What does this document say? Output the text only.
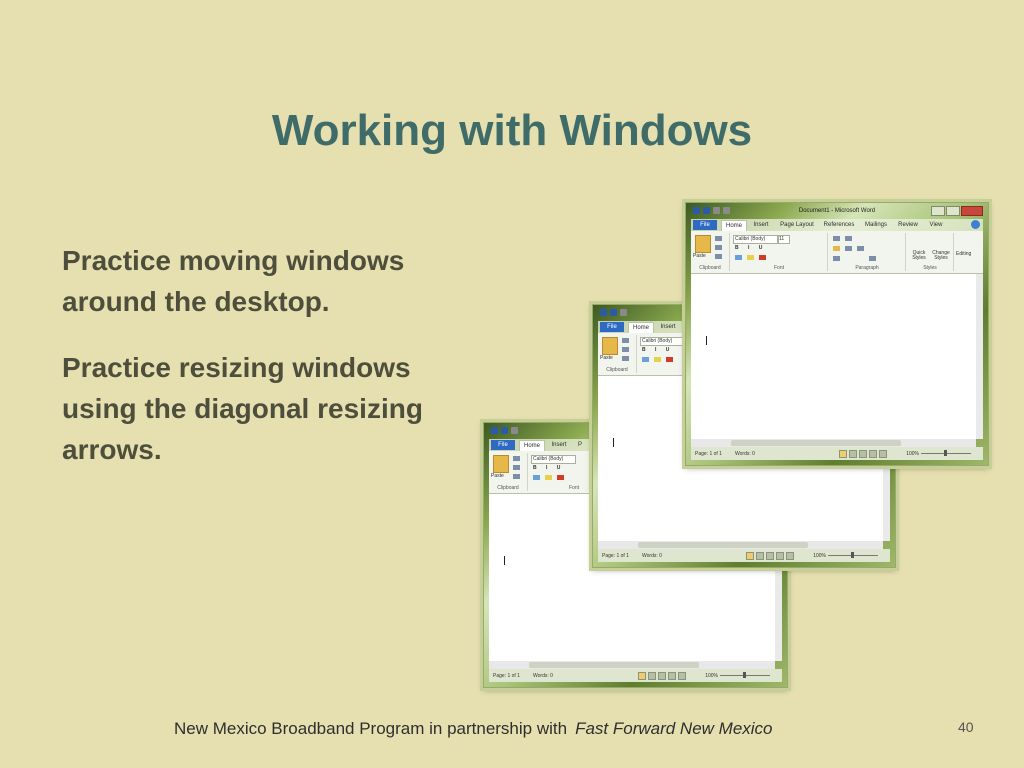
Working with Windows
Practice moving windows around the desktop.
Practice resizing windows using the diagonal resizing arrows.	File	Home	Insert	P
Paste
Clipboard
Calibri (Body)
B I U
Font
Page: 1 of 1	Words: 0	100%
File	Home	Insert
Paste
Clipboard
Calibri (Body)
B I U
Page: 1 of 1	Words: 0	100%
Document1 - Microsoft Word
File	Home	Insert	Page Layout	References	Mailings	Review	View
Paste
Clipboard
Calibri (Body)	11
B I U
Font	Paragraph
Quick Styles
Change Styles
Styles
Editing
Page: 1 of 1	Words: 0	100%
New Mexico Broadband Program in partnership with Fast Forward New Mexico	40
